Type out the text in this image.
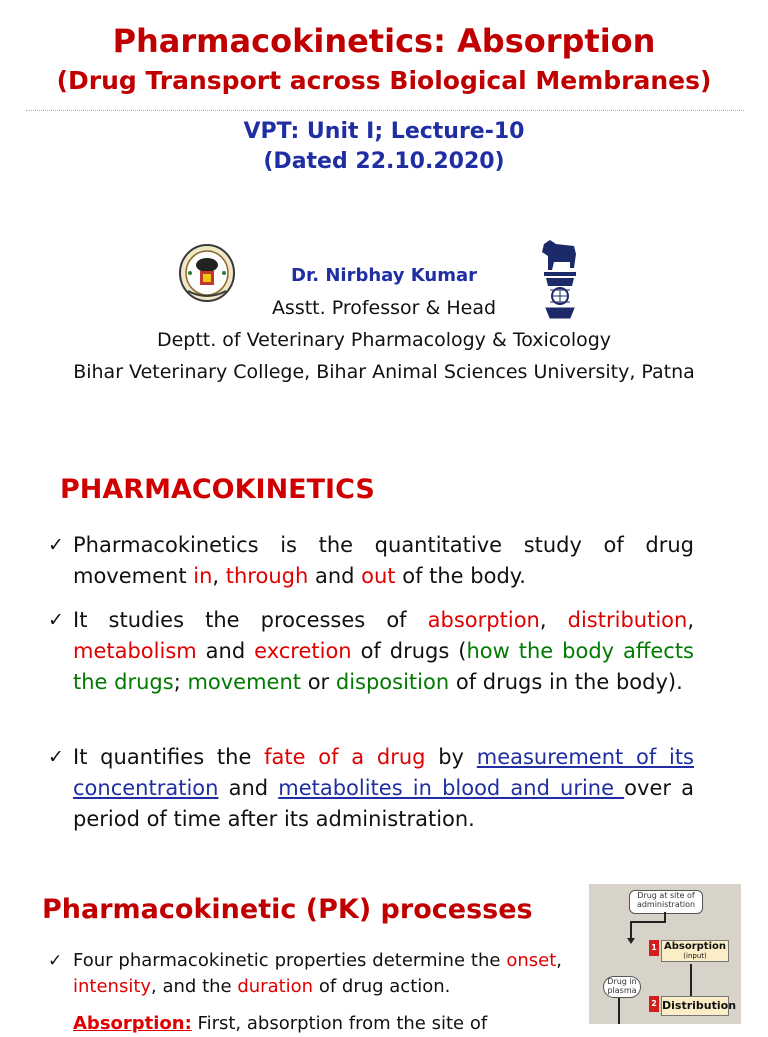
Pharmacokinetics: Absorption
(Drug Transport across Biological Membranes)
VPT: Unit I; Lecture-10
(Dated 22.10.2020)
Dr. Nirbhay Kumar
Asstt. Professor & Head
Deptt. of Veterinary Pharmacology & Toxicology
Bihar Veterinary College, Bihar Animal Sciences University, Patna
PHARMACOKINETICS
✓ Pharmacokinetics is the quantitative study of drug movement in, through and out of the body.
✓ It studies the processes of absorption, distribution, metabolism and excretion of drugs (how the body affects the drugs; movement or disposition of drugs in the body).
✓ It quantifies the fate of a drug by measurement of its concentration and metabolites in blood and urine over a period of time after its administration.
Pharmacokinetic (PK) processes
✓ Four pharmacokinetic properties determine the onset, intensity, and the duration of drug action.
Absorption: First, absorption from the site of
Drug at site of administration
1 Absorption
(input)
Drug in plasma
2 Distribution
